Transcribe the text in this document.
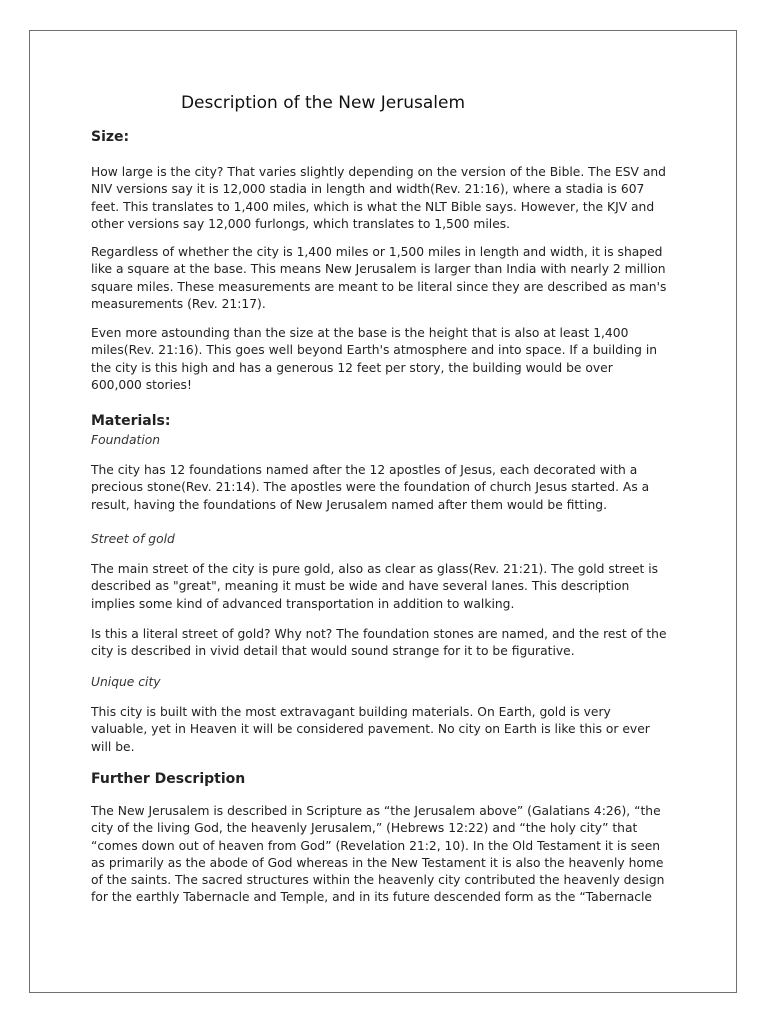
Description of the New Jerusalem
Size:
How large is the city? That varies slightly depending on the version of the Bible. The ESV and
NIV versions say it is 12,000 stadia in length and width(Rev. 21:16), where a stadia is 607
feet. This translates to 1,400 miles, which is what the NLT Bible says. However, the KJV and
other versions say 12,000 furlongs, which translates to 1,500 miles.
Regardless of whether the city is 1,400 miles or 1,500 miles in length and width, it is shaped
like a square at the base. This means New Jerusalem is larger than India with nearly 2 million
square miles. These measurements are meant to be literal since they are described as man's
measurements (Rev. 21:17).
Even more astounding than the size at the base is the height that is also at least 1,400
miles(Rev. 21:16). This goes well beyond Earth's atmosphere and into space. If a building in
the city is this high and has a generous 12 feet per story, the building would be over
600,000 stories!
Materials:
Foundation
The city has 12 foundations named after the 12 apostles of Jesus, each decorated with a
precious stone(Rev. 21:14). The apostles were the foundation of church Jesus started. As a
result, having the foundations of New Jerusalem named after them would be fitting.
Street of gold
The main street of the city is pure gold, also as clear as glass(Rev. 21:21). The gold street is
described as "great", meaning it must be wide and have several lanes. This description
implies some kind of advanced transportation in addition to walking.
Is this a literal street of gold? Why not? The foundation stones are named, and the rest of the
city is described in vivid detail that would sound strange for it to be figurative.
Unique city
This city is built with the most extravagant building materials. On Earth, gold is very
valuable, yet in Heaven it will be considered pavement. No city on Earth is like this or ever
will be.
Further Description
The New Jerusalem is described in Scripture as “the Jerusalem above” (Galatians 4:26), “the
city of the living God, the heavenly Jerusalem,” (Hebrews 12:22) and “the holy city” that
“comes down out of heaven from God” (Revelation 21:2, 10). In the Old Testament it is seen
as primarily as the abode of God whereas in the New Testament it is also the heavenly home
of the saints. The sacred structures within the heavenly city contributed the heavenly design
for the earthly Tabernacle and Temple, and in its future descended form as the “Tabernacle
